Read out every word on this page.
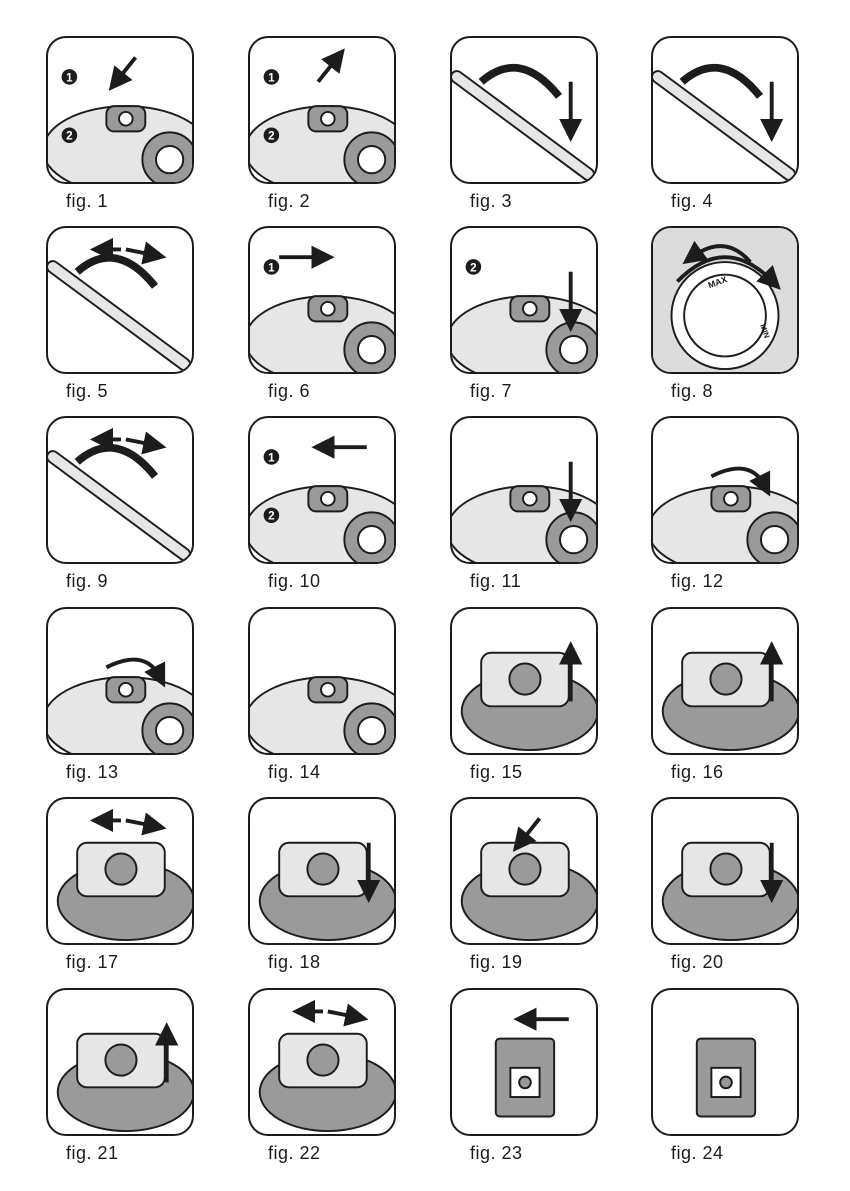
1
2
fig. 1
1
2
fig. 2	fig. 3	fig. 4
fig. 5
1
fig. 6
2
fig. 7
MAX
MIN
fig. 8
fig. 9
1
2
fig. 10	fig. 11	fig. 12
fig. 13	fig. 14	fig. 15	fig. 16
fig. 17	fig. 18	fig. 19	fig. 20
fig. 21	fig. 22	fig. 23	fig. 24
